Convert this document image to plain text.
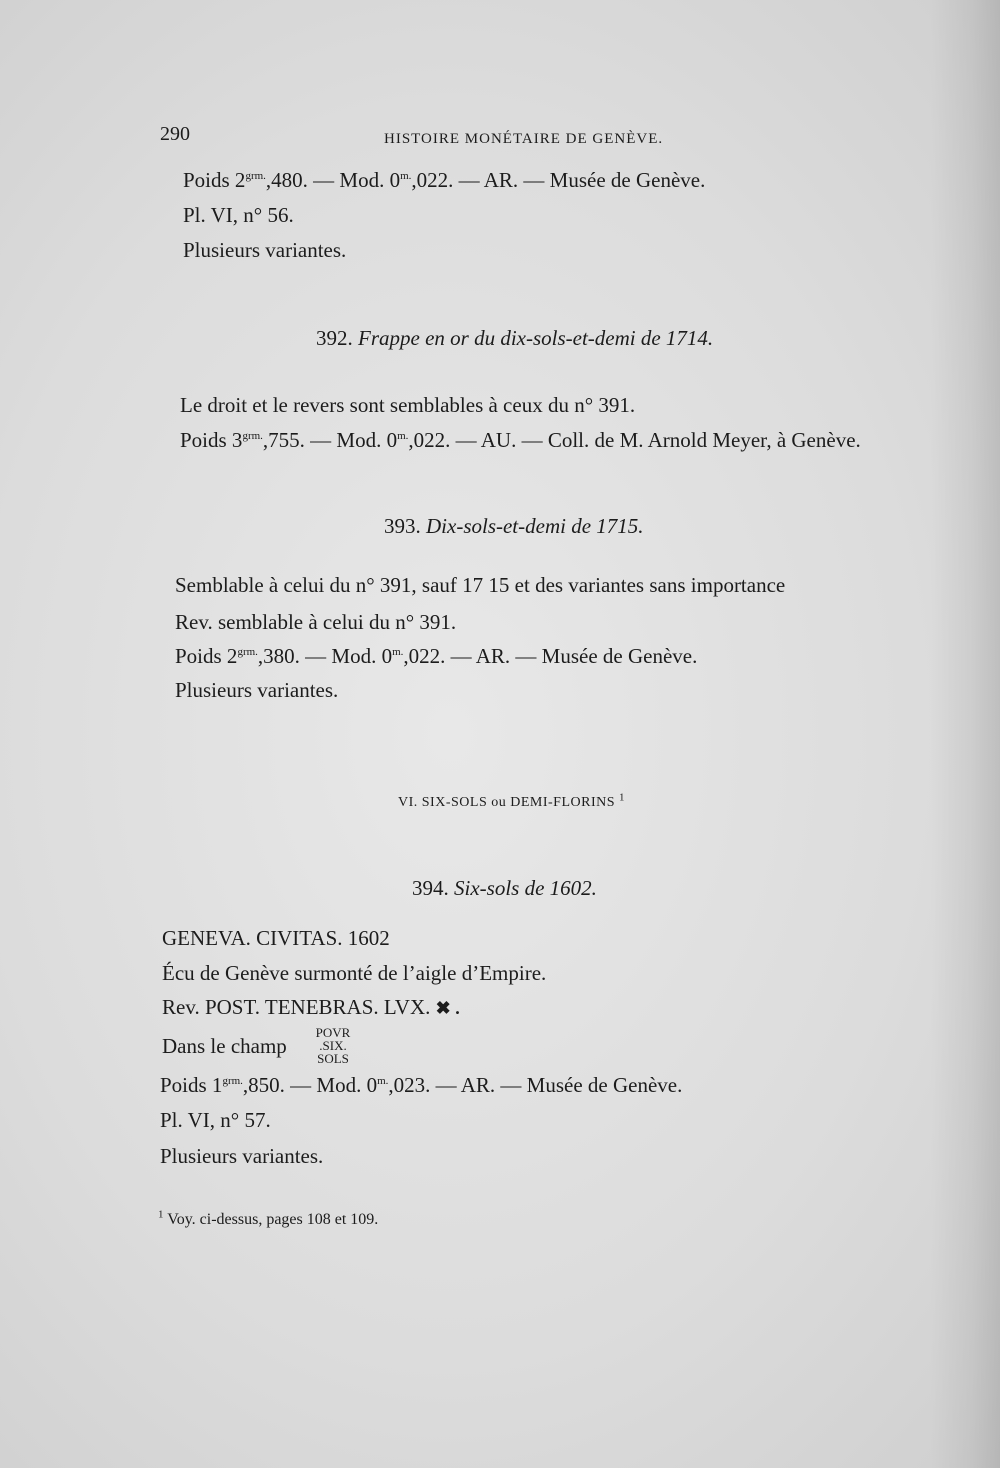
290	HISTOIRE MONÉTAIRE DE GENÈVE.
Poids $2^{grm.},480$. — Mod. $0^{m.},022$. — AR. — Musée de Genève.
Pl. VI, n° 56.
Plusieurs variantes.
392. Frappe en or du dix-sols-et-demi de 1714.
Le droit et le revers sont semblables à ceux du n° 391.
Poids $3^{grm.},755$. — Mod. $0^{m.},022$. — AU. — Coll. de M. Arnold Meyer, à Genève.
393. Dix-sols-et-demi de 1715.
Semblable à celui du n° 391, sauf 17 15 et des variantes sans importance
Rev. semblable à celui du n° 391.
Poids $2^{grm.},380$. — Mod. $0^{m.},022$. — AR. — Musée de Genève.
Plusieurs variantes.
VI. SIX-SOLS ou DEMI-FLORINS $^1$
394. Six-sols de 1602.
GENEVA. CIVITAS. 1602
Écu de Genève surmonté de l’aigle d’Empire.
Rev. POST. TENEBRAS. LVX. ✖ .
Dans le champ
POVR
.SIX.
SOLS
Poids $1^{grm.},850$. — Mod. $0^{m.},023$. — AR. — Musée de Genève.
Pl. VI, n° 57.
Plusieurs variantes.
$^1$ Voy. ci-dessus, pages 108 et 109.
